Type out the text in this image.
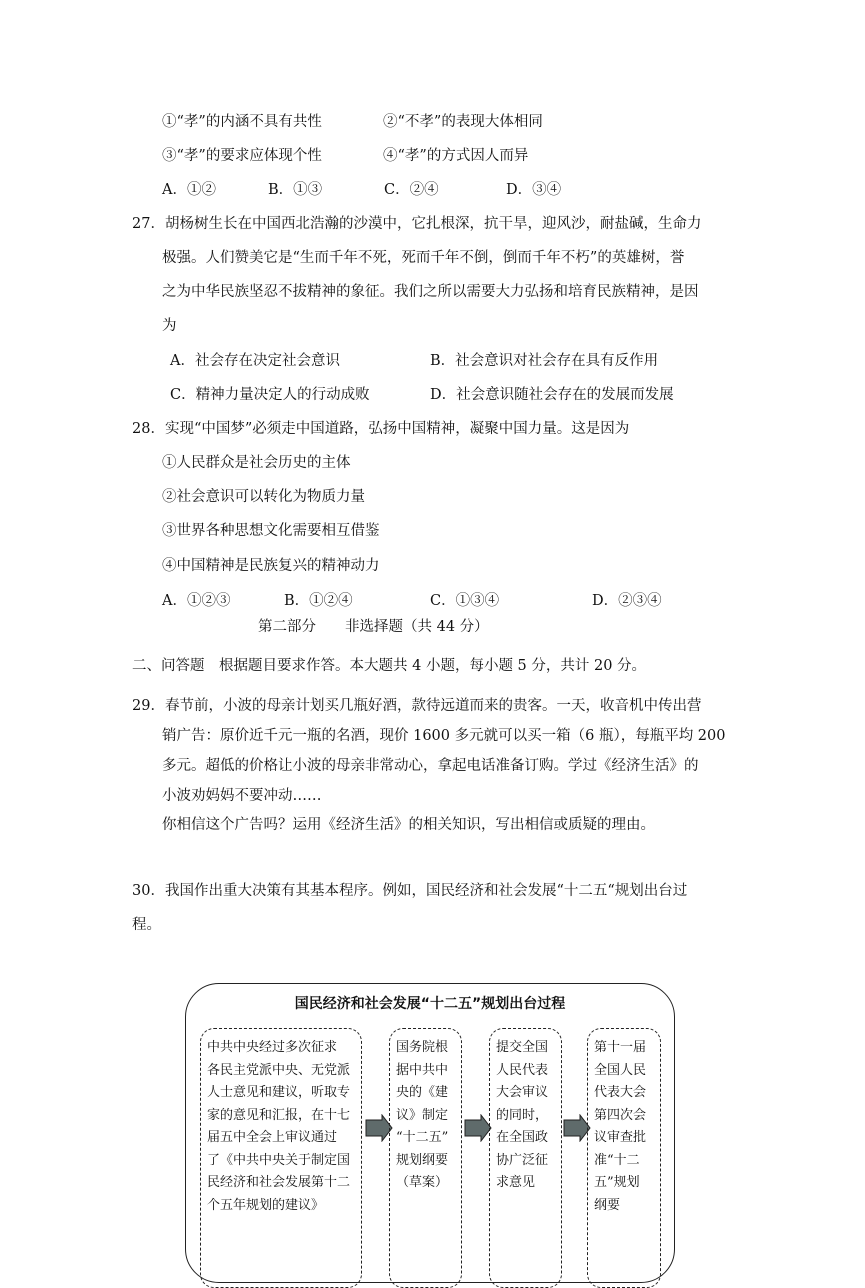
①“孝”的内涵不具有共性	②“不孝”的表现大体相同
③“孝”的要求应体现个性	④“孝”的方式因人而异
A．①②	B．①③	C．②④	D．③④
27．胡杨树生长在中国西北浩瀚的沙漠中，它扎根深，抗干旱，迎风沙，耐盐碱，生命力
极强。人们赞美它是“生而千年不死，死而千年不倒，倒而千年不朽”的英雄树，誉
之为中华民族坚忍不拔精神的象征。我们之所以需要大力弘扬和培育民族精神，是因
为
A．社会存在决定社会意识	B．社会意识对社会存在具有反作用
C．精神力量决定人的行动成败	D．社会意识随社会存在的发展而发展
28．实现“中国梦”必须走中国道路，弘扬中国精神，凝聚中国力量。这是因为
①人民群众是社会历史的主体
②社会意识可以转化为物质力量
③世界各种思想文化需要相互借鉴
④中国精神是民族复兴的精神动力
A．①②③	B．①②④	C．①③④	D．②③④
第二部分　　非选择题（共 44 分）
二、问答题　根据题目要求作答。本大题共 4 小题，每小题 5 分，共计 20 分。
29．春节前，小波的母亲计划买几瓶好酒，款待远道而来的贵客。一天，收音机中传出营
销广告：原价近千元一瓶的名酒，现价 1600 多元就可以买一箱（6 瓶），每瓶平均 200
多元。超低的价格让小波的母亲非常动心，拿起电话准备订购。学过《经济生活》的
小波劝妈妈不要冲动……
你相信这个广告吗？运用《经济生活》的相关知识，写出相信或质疑的理由。
30．我国作出重大决策有其基本程序。例如，国民经济和社会发展“十二五“规划出台过
程。
国民经济和社会发展“十二五”规划出台过程
中共中央经过多次征求
各民主党派中央、无党派
人士意见和建议，听取专
家的意见和汇报，在十七
届五中全会上审议通过
了《中共中央关于制定国
民经济和社会发展第十二
个五年规划的建议》
国务院根
据中共中
央的《建
议》制定
“十二五”
规划纲要
（草案）
提交全国
人民代表
大会审议
的同时，
在全国政
协广泛征
求意见
第十一届
全国人民
代表大会
第四次会
议审查批
准“十二
五”规划
纲要
